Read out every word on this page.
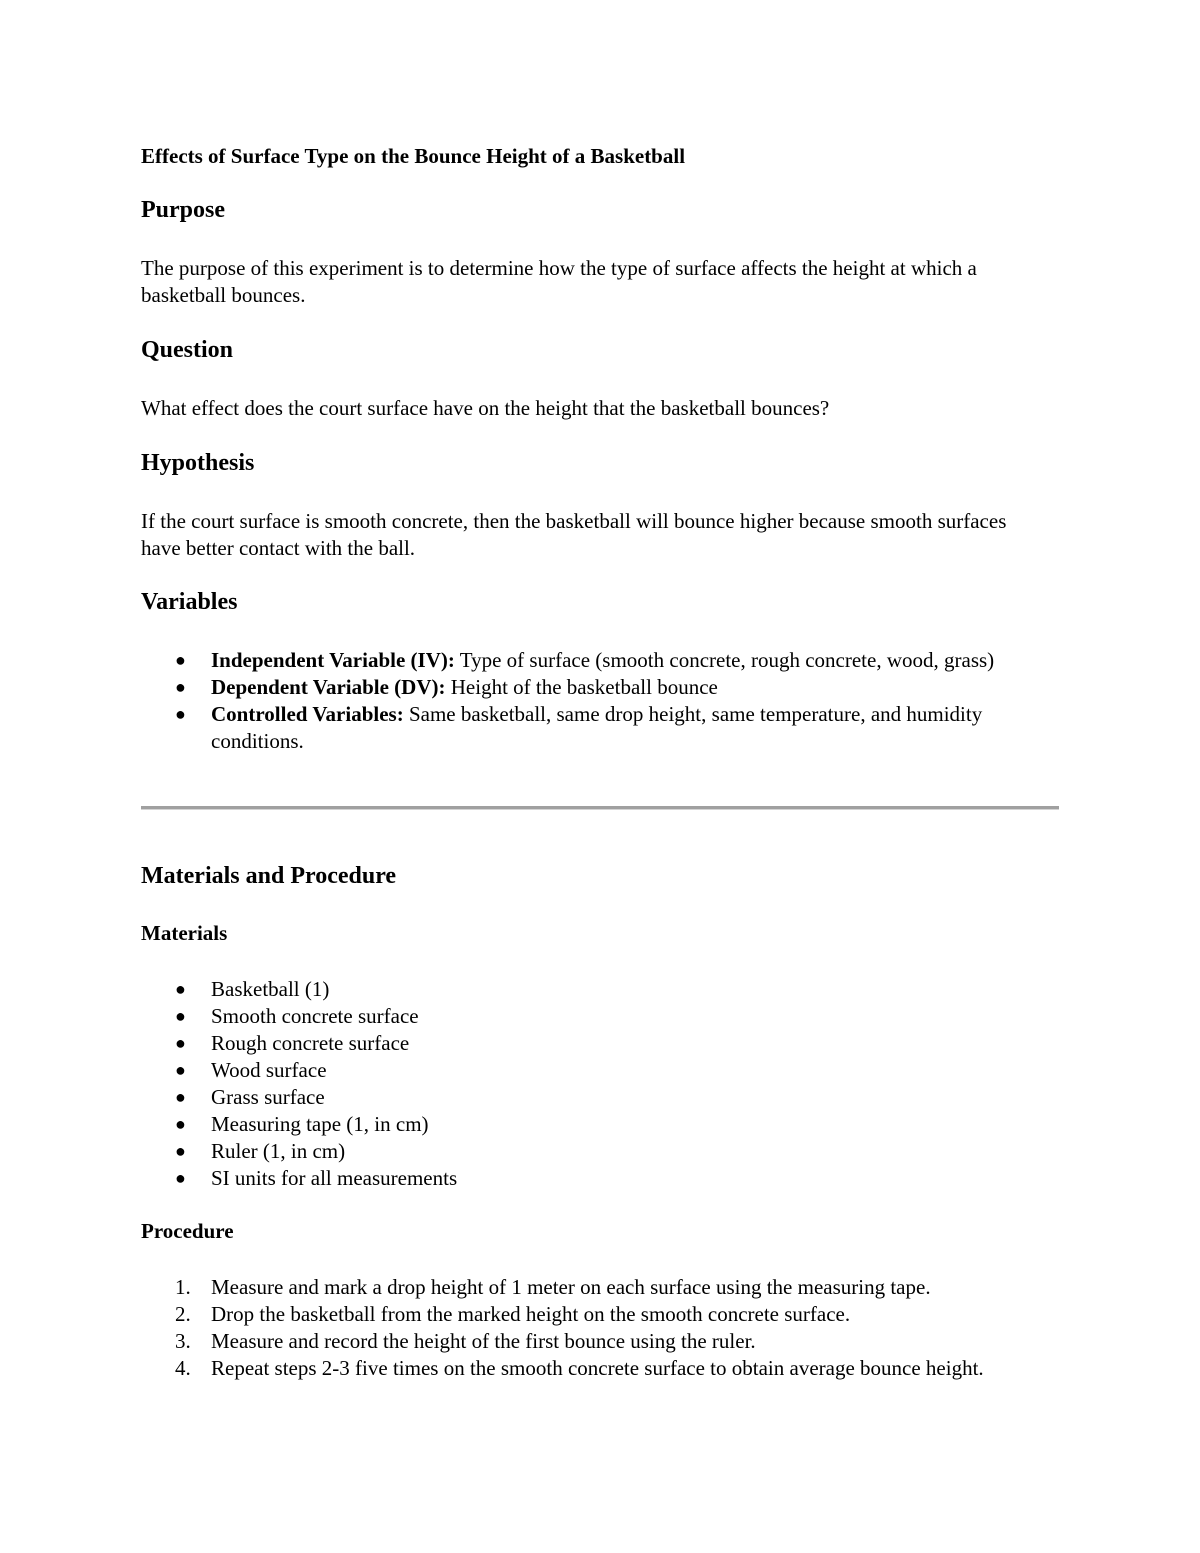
Effects of Surface Type on the Bounce Height of a Basketball
Purpose
The purpose of this experiment is to determine how the type of surface affects the height at which a basketball bounces.
Question
What effect does the court surface have on the height that the basketball bounces?
Hypothesis
If the court surface is smooth concrete, then the basketball will bounce higher because smooth surfaces have better contact with the ball.
Variables
● Independent Variable (IV): Type of surface (smooth concrete, rough concrete, wood, grass)
● Dependent Variable (DV): Height of the basketball bounce
● Controlled Variables: Same basketball, same drop height, same temperature, and humidity conditions.
Materials and Procedure
Materials
● Basketball (1)
● Smooth concrete surface
● Rough concrete surface
● Wood surface
● Grass surface
● Measuring tape (1, in cm)
● Ruler (1, in cm)
● SI units for all measurements
Procedure
1. Measure and mark a drop height of 1 meter on each surface using the measuring tape.
2. Drop the basketball from the marked height on the smooth concrete surface.
3. Measure and record the height of the first bounce using the ruler.
4. Repeat steps 2-3 five times on the smooth concrete surface to obtain average bounce height.
